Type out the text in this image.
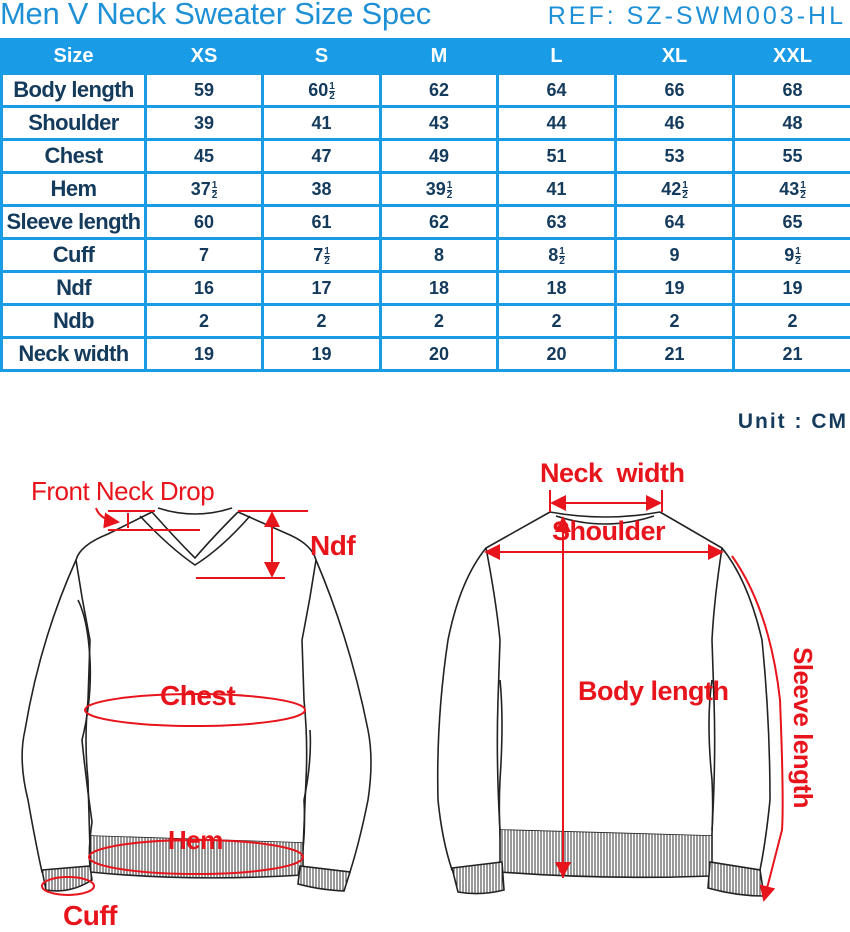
Men V Neck Sweater Size Spec	REF: SZ-SWM003-HL
Size	XS	S	M	L	XL	XXL
Body length	59	$60 \frac{1}{2}$	62	64	66	68
Shoulder	39	41	43	44	46	48
Chest	45	47	49	51	53	55
Hem	$37 \frac{1}{2}$	38	$39 \frac{1}{2}$	41	$42 \frac{1}{2}$	$43 \frac{1}{2}$

Sleeve length	60	61	62	63	64	65
Cuff	7	$7 \frac{1}{2}$	8	$8 \frac{1}{2}$	9	$9 \frac{1}{2}$

Ndf	16	17	18	18	19	19
Ndb	2	2	2	2	2	2
Neck width	19	19	20	20	21	21
Unit : CM
Front Neck Drop
Ndf
Chest
Hem
Cuff
Neck  width
Shoulder
Body length Sleeve length
